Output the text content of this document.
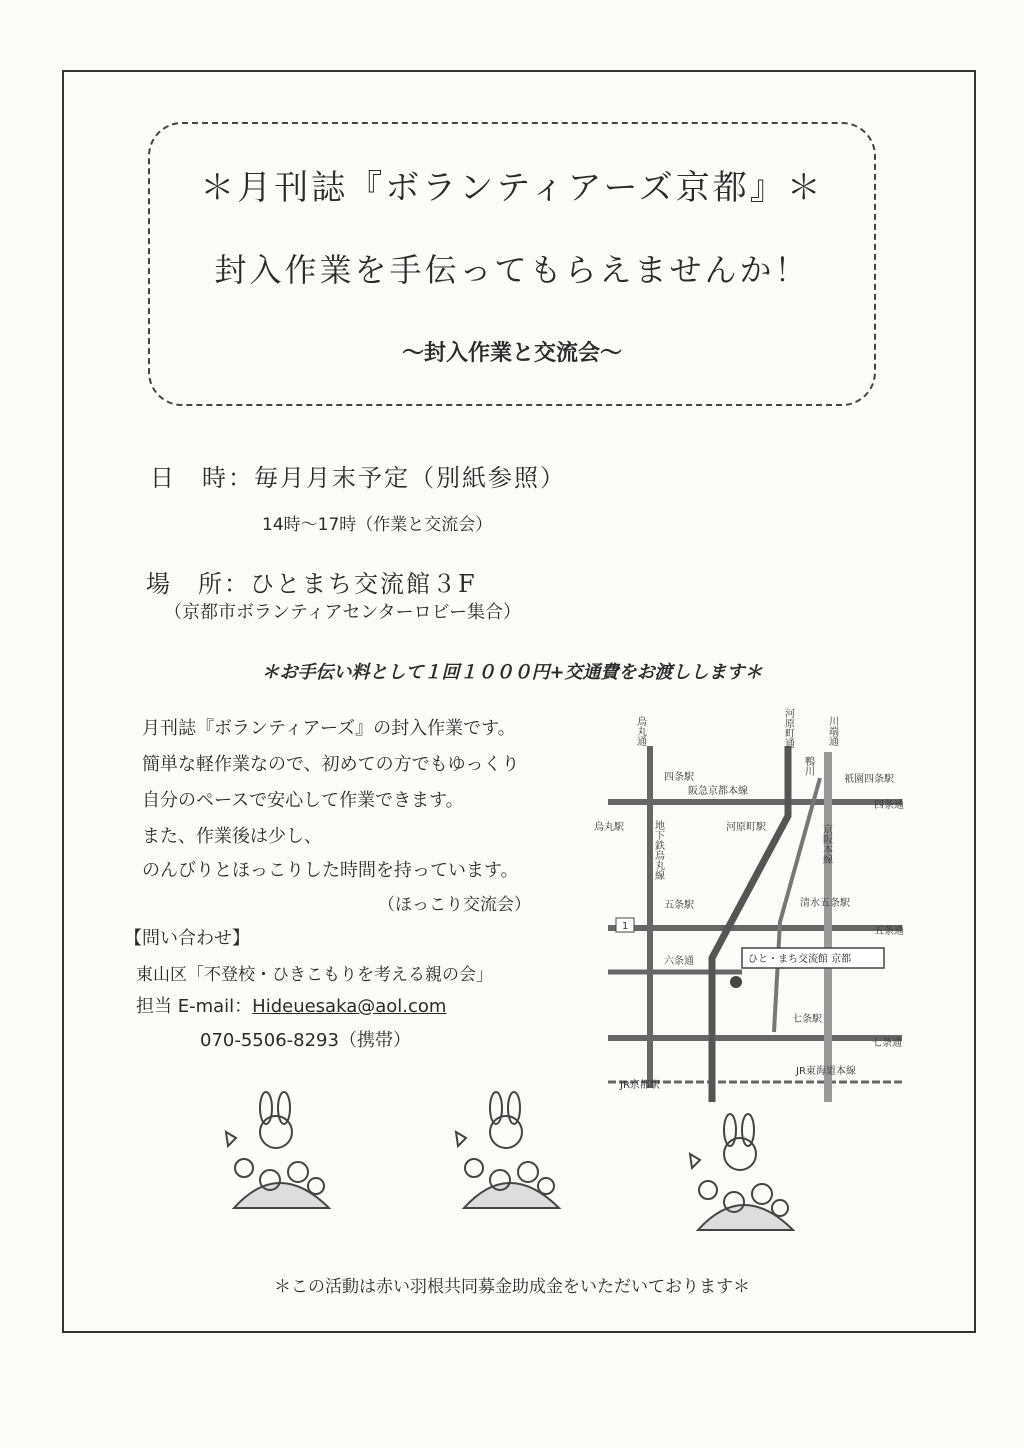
＊月刊誌『ボランティアーズ京都』＊
封入作業を手伝ってもらえませんか！
〜封入作業と交流会〜
日　時：毎月月末予定（別紙参照）
14時〜17時（作業と交流会）
場　所：ひとまち交流館３F
（京都市ボランティアセンターロビー集合）
＊お手伝い料として１回１０００円+交通費をお渡しします＊
月刊誌『ボランティアーズ』の封入作業です。
簡単な軽作業なので、初めての方でもゆっくり
自分のペースで安心して作業できます。
また、作業後は少し、
のんびりとほっこりした時間を持っています。
（ほっこり交流会）
【問い合わせ】
東山区「不登校・ひきこもりを考える親の会」
担当 E-mail：Hideuesaka@aol.com
070-5506-8293（携帯）
烏丸通	河原町通	川端通
鴨川
四条駅
阪急京都本線
祇園四条駅
四条通
烏丸駅	河原町駅
地下鉄烏丸線	京阪本線
五条駅	清水五条駅
五条通
1
六条通	ひと・まち交流館 京都
七条駅
七条通
JR京都駅
JR東海道本線
＊この活動は赤い羽根共同募金助成金をいただいております＊
